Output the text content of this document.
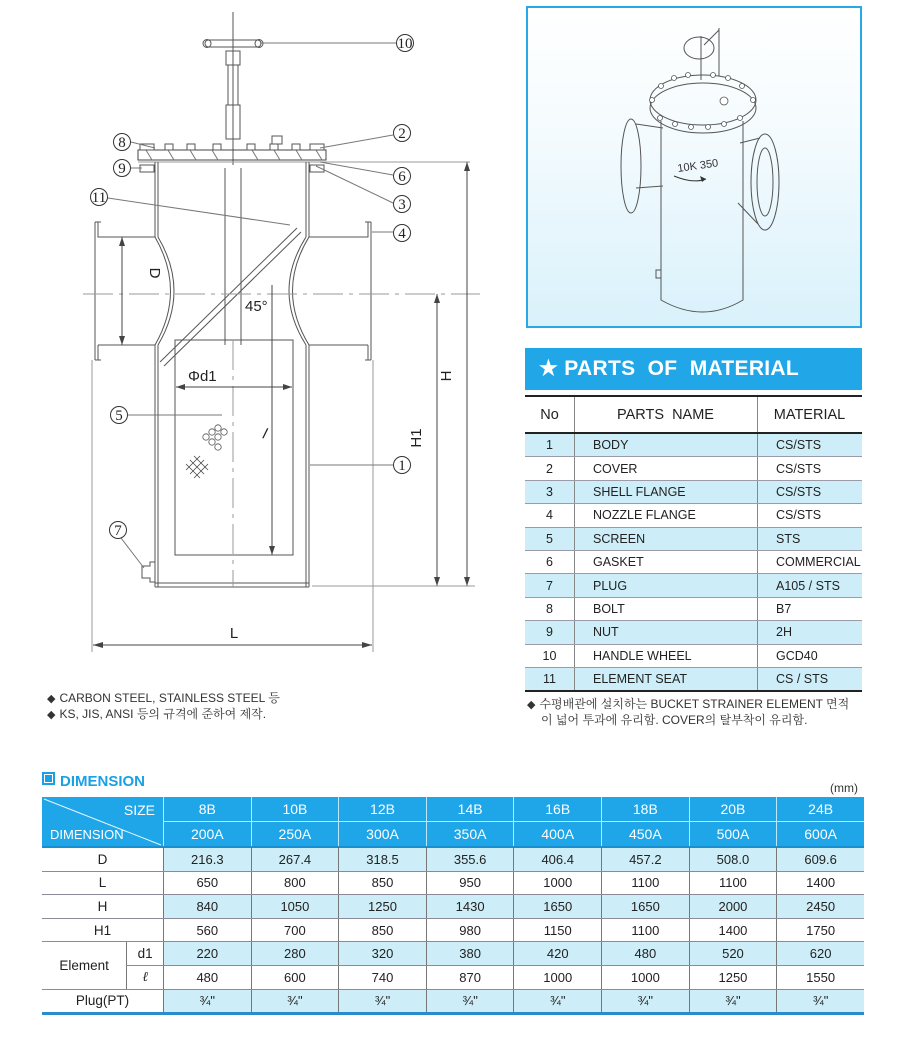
10
2
8
9	6
3
11
4
5
1
7
D
45°
Φd1
l	H1
H
L
10K 350
★ PARTS  OF  MATERIAL
No	PARTS  NAME	MATERIAL
1	BODY	CS/STS
2	COVER	CS/STS
3	SHELL FLANGE	CS/STS
4	NOZZLE FLANGE	CS/STS
5	SCREEN	STS
6	GASKET	COMMERCIAL
7	PLUG	A105 / STS
8	BOLT	B7
9	NUT	2H
10	HANDLE WHEEL	GCD40
11	ELEMENT SEAT	CS / STS
◆ CARBON STEEL, STAINLESS STEEL 등
◆ KS, JIS, ANSI 등의 규격에 준하여 제작.
◆ 수평배관에 설치하는 BUCKET STRAINER ELEMENT 면적
이 넓어 투과에 유리함. COVER의 탈부착이 유리함.
DIMENSION	(mm)
SIZE
DIMENSION		8B	10B	12B	14B	16B	18B	20B	24B
		200A	250A	300A	350A	400A	450A	500A	600A
D		216.3	267.4	318.5	355.6	406.4	457.2	508.0	609.6
L		650	800	850	950	1000	1100	1100	1400
H		840	1050	1250	1430	1650	1650	2000	2450
H1		560	700	850	980	1150	1100	1400	1750
Element	d1	220	280	320	380	420	480	520	620
	ℓ	480	600	740	870	1000	1000	1250	1550
Plug(PT)		¾"	¾"	¾"	¾"	¾"	¾"	¾"	¾"
